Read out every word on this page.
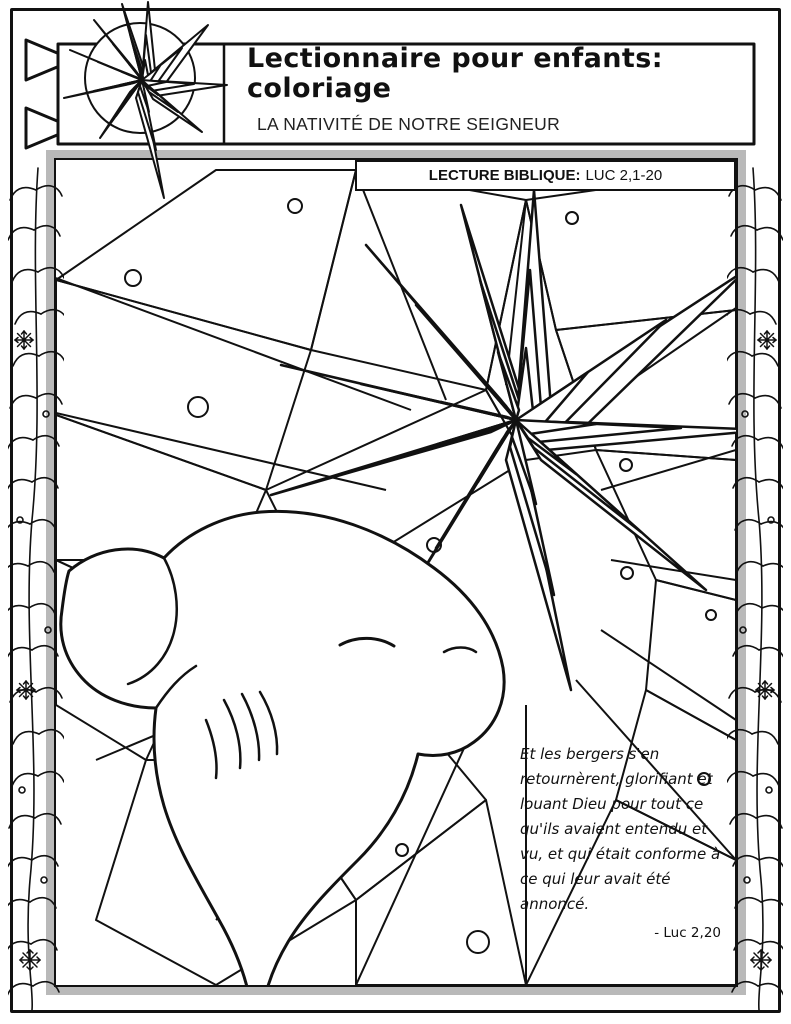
Lectionnaire pour enfants: coloriage
LA NATIVITÉ DE NOTRE SEIGNEUR
LECTURE BIBLIQUE: LUC 2,1-20
Et les bergers s'en retournèrent, glorifiant et louant Dieu pour tout ce qu'ils avaient entendu et vu, et qui était conforme à ce qui leur avait été annoncé.
- Luc 2,20
